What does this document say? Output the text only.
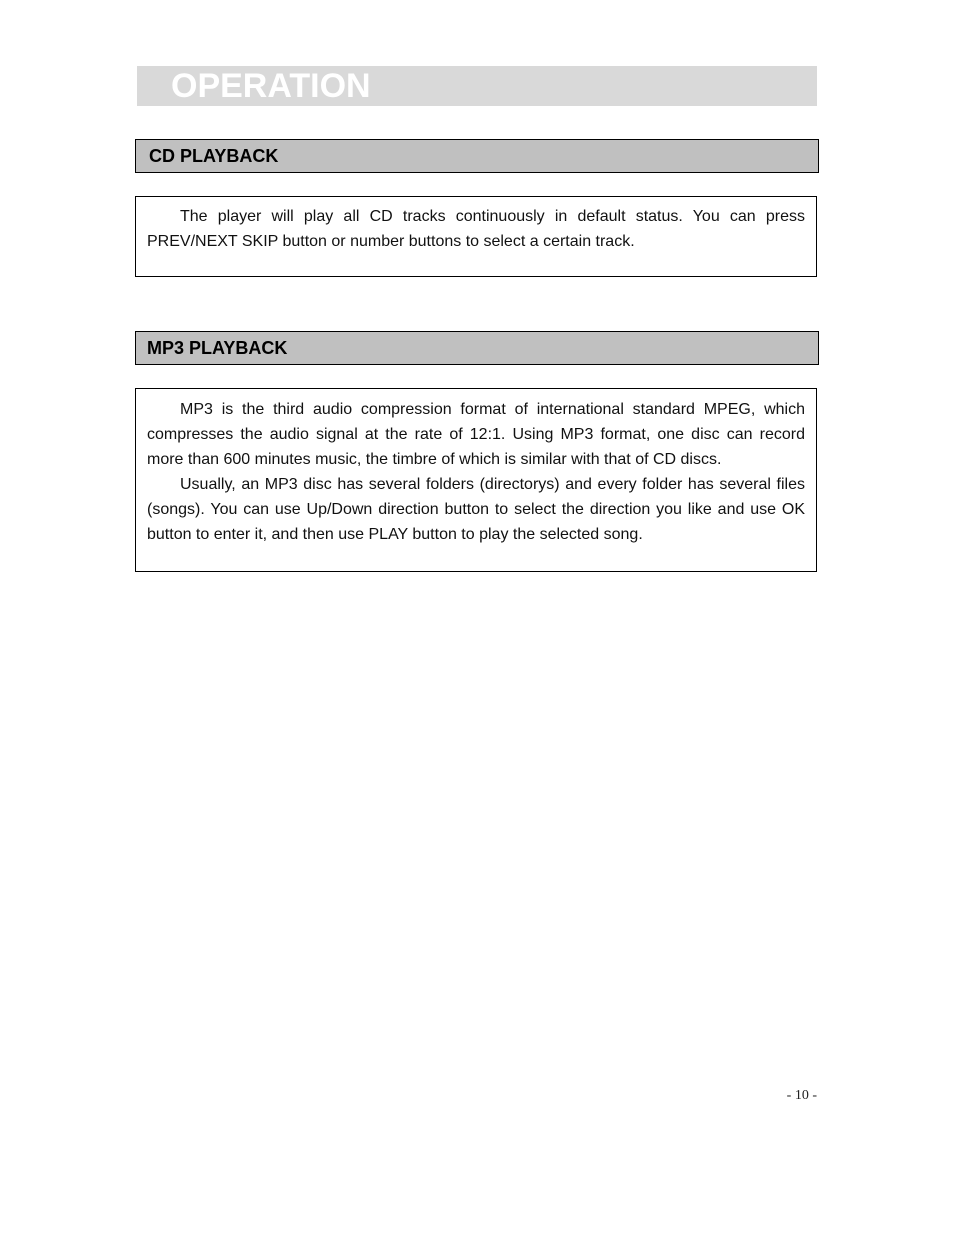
OPERATION
CD PLAYBACK

The player will play all CD tracks continuously in default status. You can press PREV/NEXT SKIP button or number buttons to select a certain track.

MP3 PLAYBACK

MP3 is the third audio compression format of international standard MPEG, which compresses the audio signal at the rate of 12:1. Using MP3 format, one disc can record more than 600 minutes music, the timbre of which is similar with that of CD discs.

Usually, an MP3 disc has several folders (directorys) and every folder has several files (songs). You can use Up/Down direction button to select the direction you like and use OK button to enter it, and then use PLAY button to play the selected song.

- 10 -
